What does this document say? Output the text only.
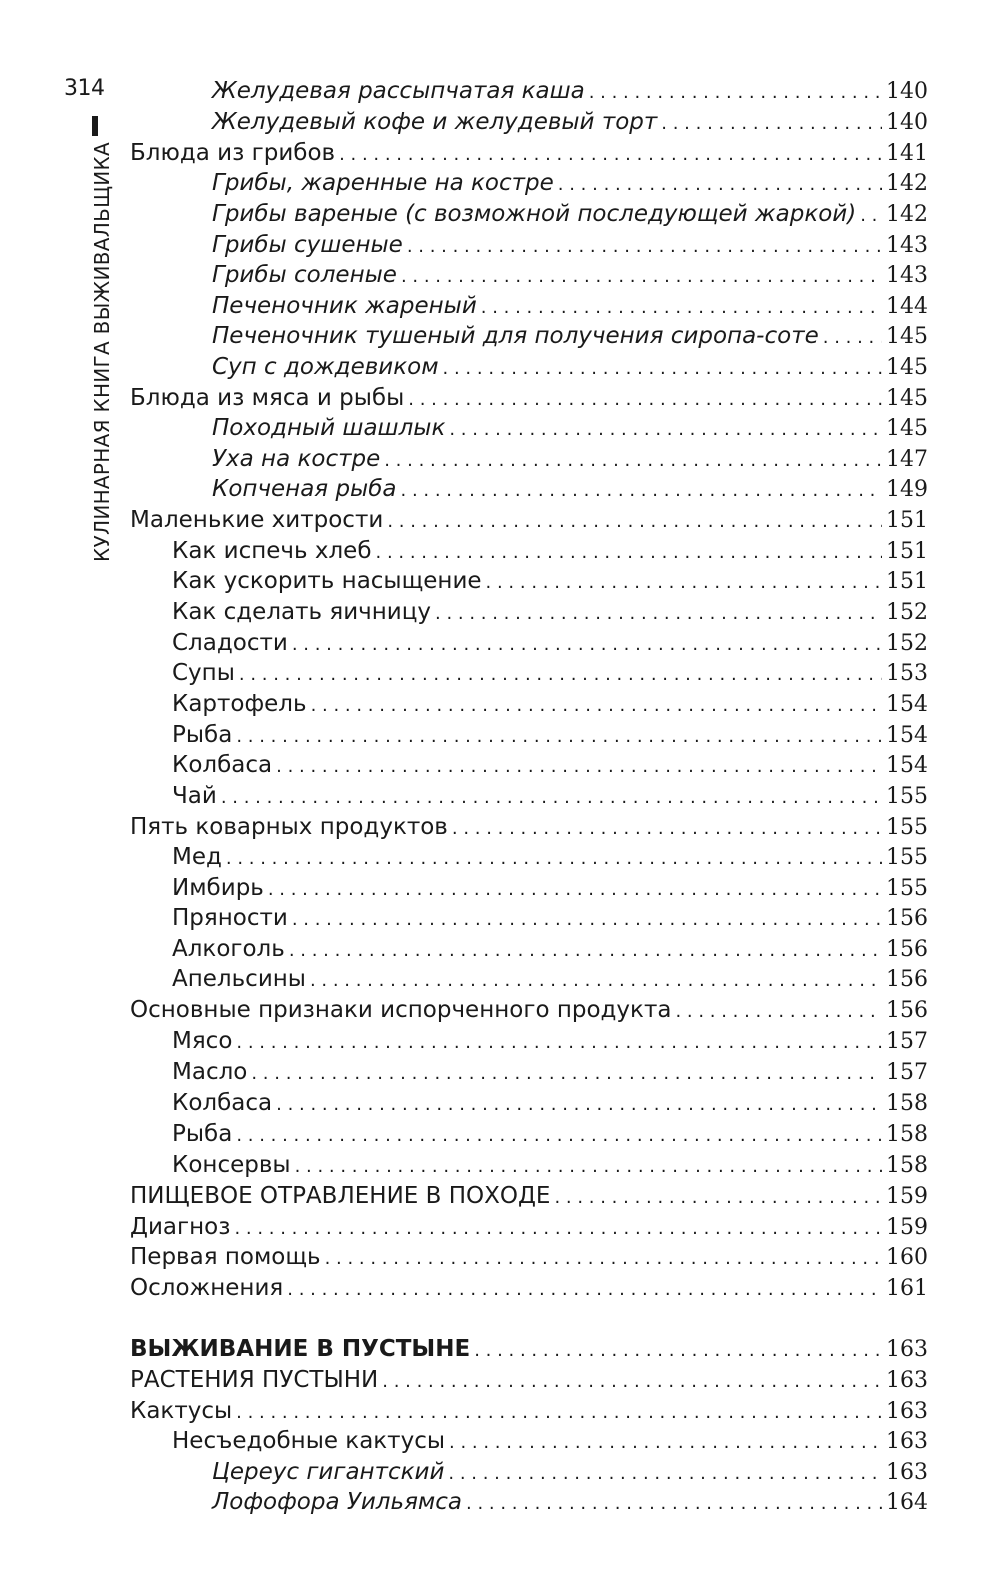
314
КУЛИНАРНАЯ КНИГА ВЫЖИВАЛЬЩИКА
Желудевая рассыпчатая каша . . .	140
Желудевый кофе и желудевый торт . . .	140
Блюда из грибов . . .	141
Грибы, жаренные на костре . . .	142
Грибы вареные (с возможной последующей жаркой) . . . 142
Грибы сушеные . . .	143
Грибы соленые . . .	143
Печеночник жареный . . .	144
Печеночник тушеный для получения сиропа-соте . . .	145
Суп с дождевиком . . .	145
Блюда из мяса и рыбы . . .	145
Походный шашлык . . .	145
Уха на костре . . .	147
Копченая рыба . . .	149
Маленькие хитрости . . .	151
Как испечь хлеб . . .	151
Как ускорить насыщение . . .	151
Как сделать яичницу . . .	152
Сладости . . .	152
Супы . . .	153
Картофель . . .	154
Рыба . . .	154
Колбаса . . .	154
Чай . . .	155
Пять коварных продуктов . . .	155
Мед . . .	155
Имбирь . . .	155
Пряности . . .	156
Алкоголь . . .	156
Апельсины . . .	156
Основные признаки испорченного продукта . . .	156
Мясо . . .	157
Масло . . .	157
Колбаса . . .	158
Рыба . . .	158
Консервы . . .	158
ПИЩЕВОЕ ОТРАВЛЕНИЕ В ПОХОДЕ . . .	159
Диагноз . . .	159
Первая помощь . . .	160
Осложнения . . .	161
ВЫЖИВАНИЕ В ПУСТЫНЕ . . .	163
РАСТЕНИЯ ПУСТЫНИ . . .	163
Кактусы . . .	163
Несъедобные кактусы . . .	163
Цереус гигантский . . .	163
Лофофора Уильямса . . .	164
